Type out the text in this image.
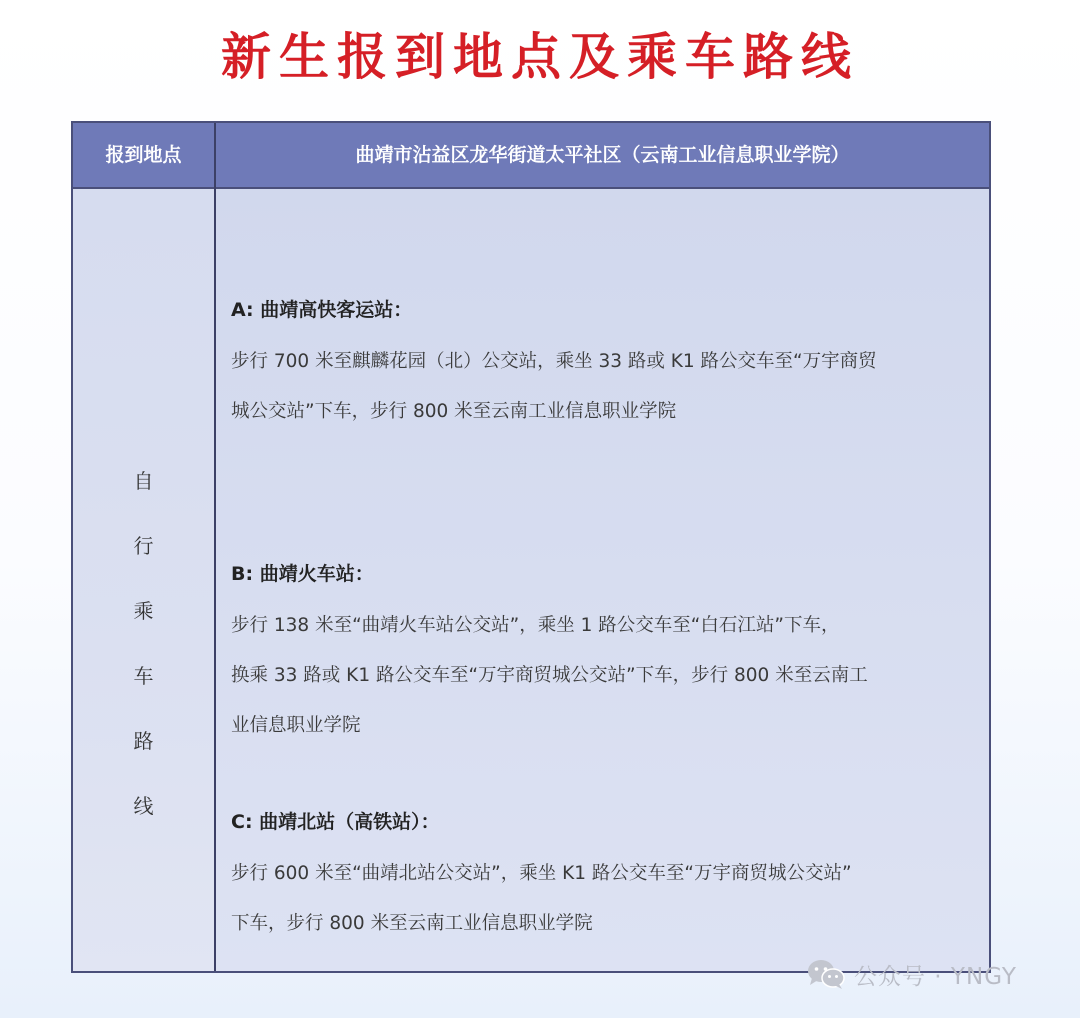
新生报到地点及乘车路线
报到地点	曲靖市沾益区龙华街道太平社区（云南工业信息职业学院）
自
行
乘
车
路
线
A: 曲靖高快客运站：
步行 700 米至麒麟花园（北）公交站，乘坐 33 路或 K1 路公交车至“万宇商贸
城公交站”下车，步行 800 米至云南工业信息职业学院
B: 曲靖火车站：
步行 138 米至“曲靖火车站公交站”，乘坐 1 路公交车至“白石江站”下车，
换乘 33 路或 K1 路公交车至“万宇商贸城公交站”下车，步行 800 米至云南工
业信息职业学院
C: 曲靖北站（高铁站）：
步行 600 米至“曲靖北站公交站”，乘坐 K1 路公交车至“万宇商贸城公交站”
下车，步行 800 米至云南工业信息职业学院
公众号 · YNGY
